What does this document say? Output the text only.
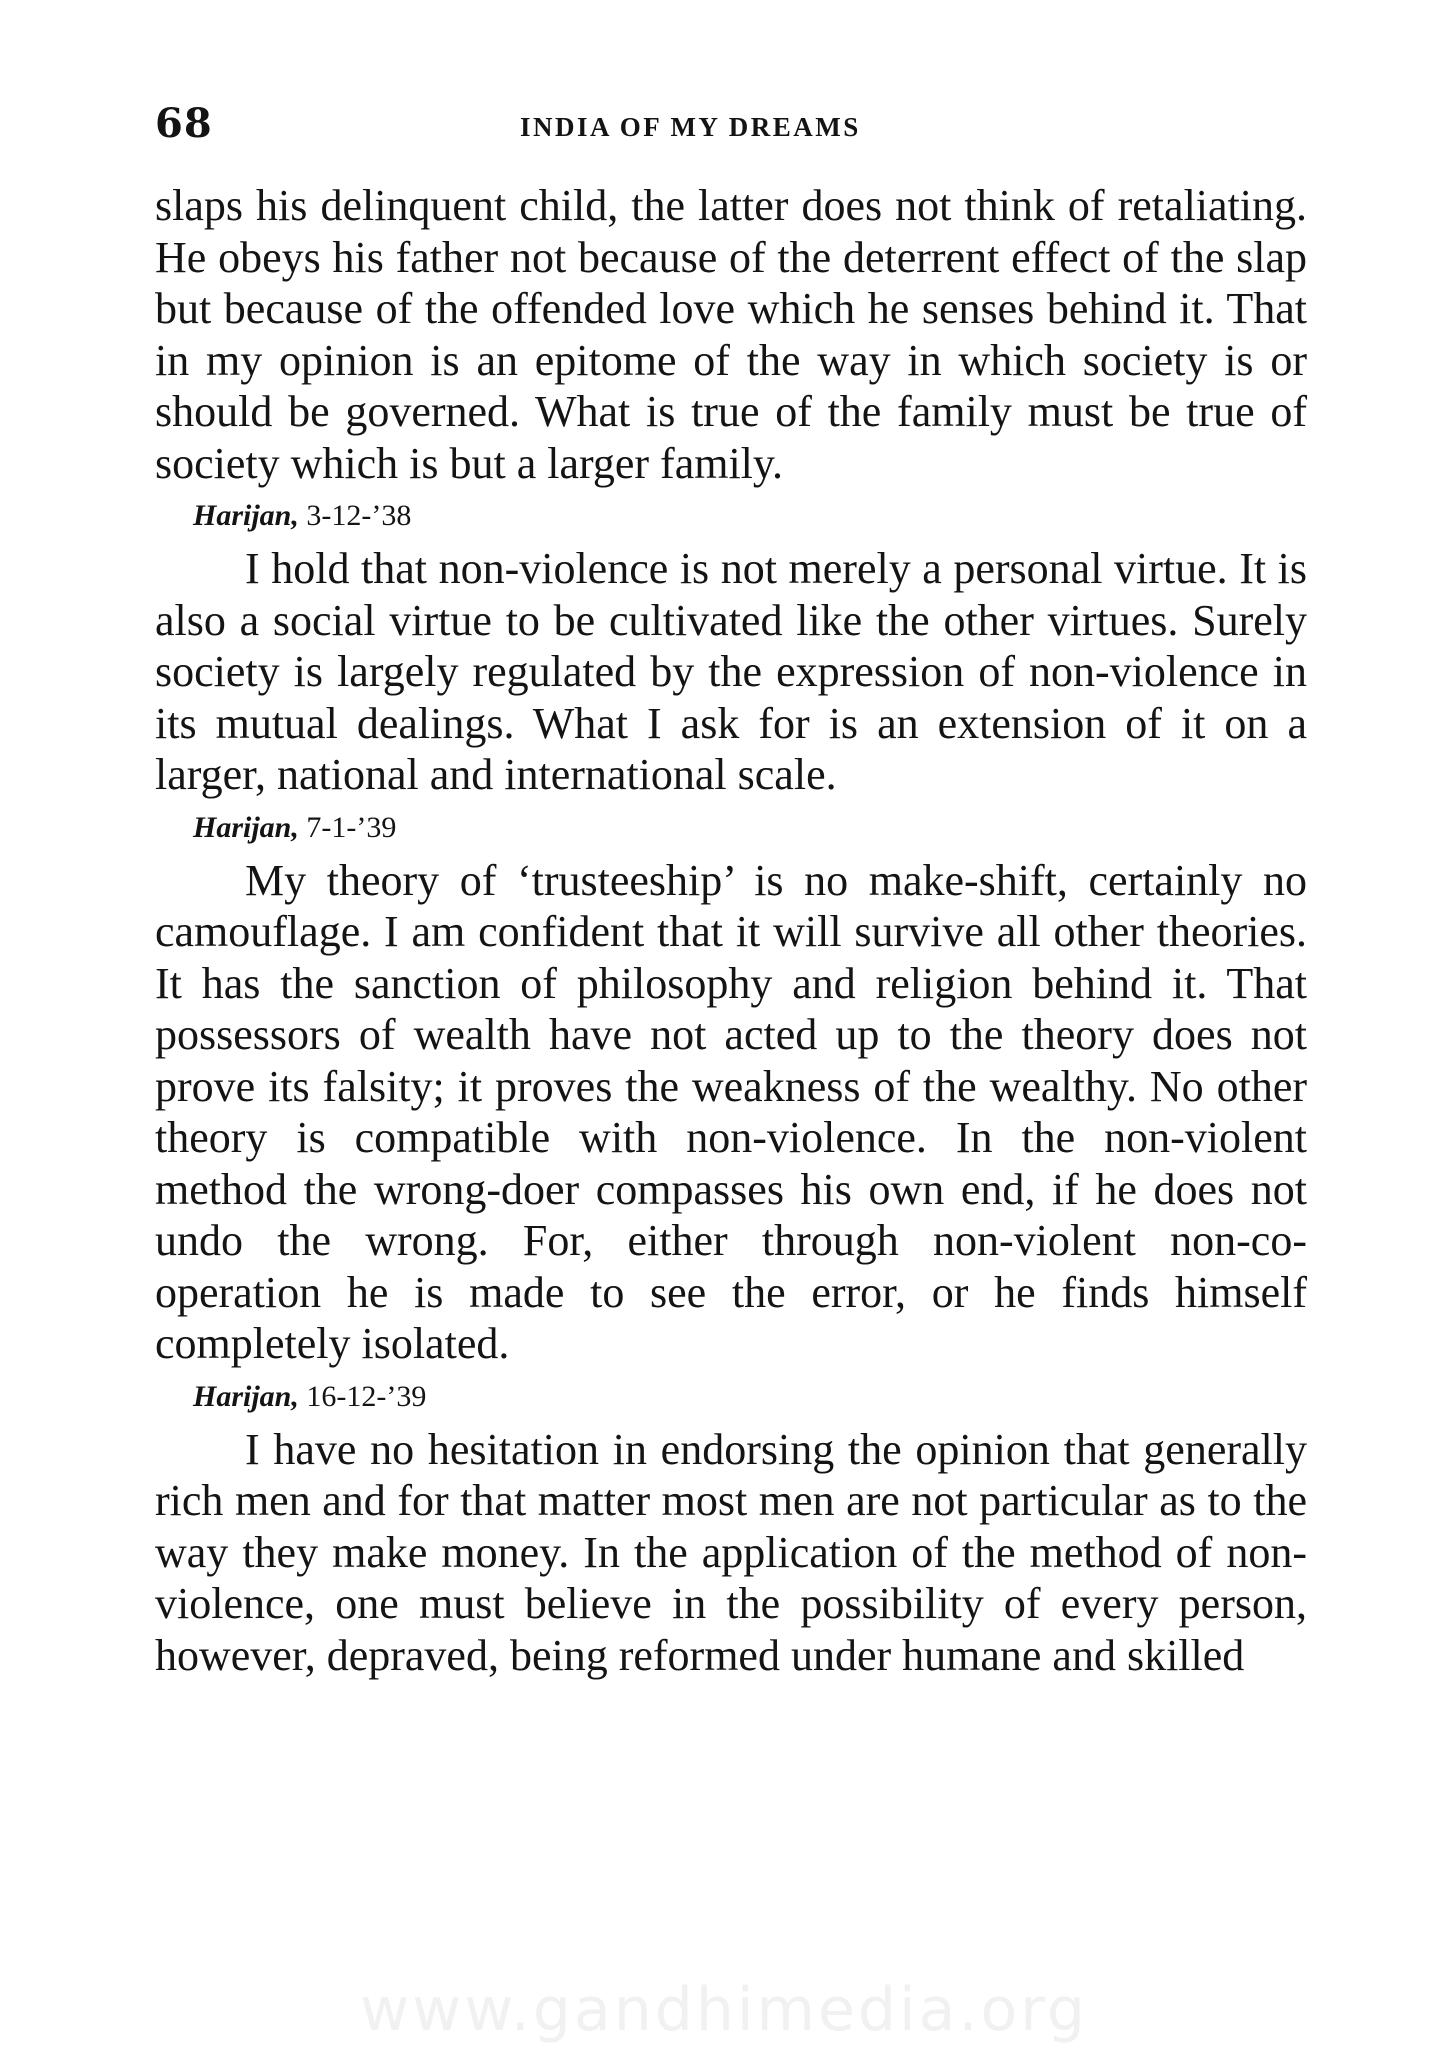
68	INDIA OF MY DREAMS

slaps his delinquent child, the latter does not think of retaliating. He obeys his father not because of the deterrent effect of the slap but because of the offended love which he senses behind it. That in my opinion is an epitome of the way in which society is or should be governed. What is true of the family must be true of society which is but a larger family.

Harijan, 3-12-’38

I hold that non-violence is not merely a personal virtue. It is also a social virtue to be cultivated like the other virtues. Surely society is largely regulated by the expression of non-violence in its mutual dealings. What I ask for is an extension of it on a larger, national and international scale.

Harijan, 7-1-’39

My theory of ‘trusteeship’ is no make-shift, certainly no camouflage. I am confident that it will survive all other theories. It has the sanction of philosophy and religion behind it. That possessors of wealth have not acted up to the theory does not prove its falsity; it proves the weakness of the wealthy. No other theory is compatible with non-violence. In the non-violent method the wrong-doer compasses his own end, if he does not undo the wrong. For, either through non-violent non-co-operation he is made to see the error, or he finds himself completely isolated.

Harijan, 16-12-’39

I have no hesitation in endorsing the opinion that generally rich men and for that matter most men are not particular as to the way they make money. In the application of the method of non-violence, one must believe in the possibility of every person, however, depraved, being reformed under humane and skilled

www.gandhimedia.org
